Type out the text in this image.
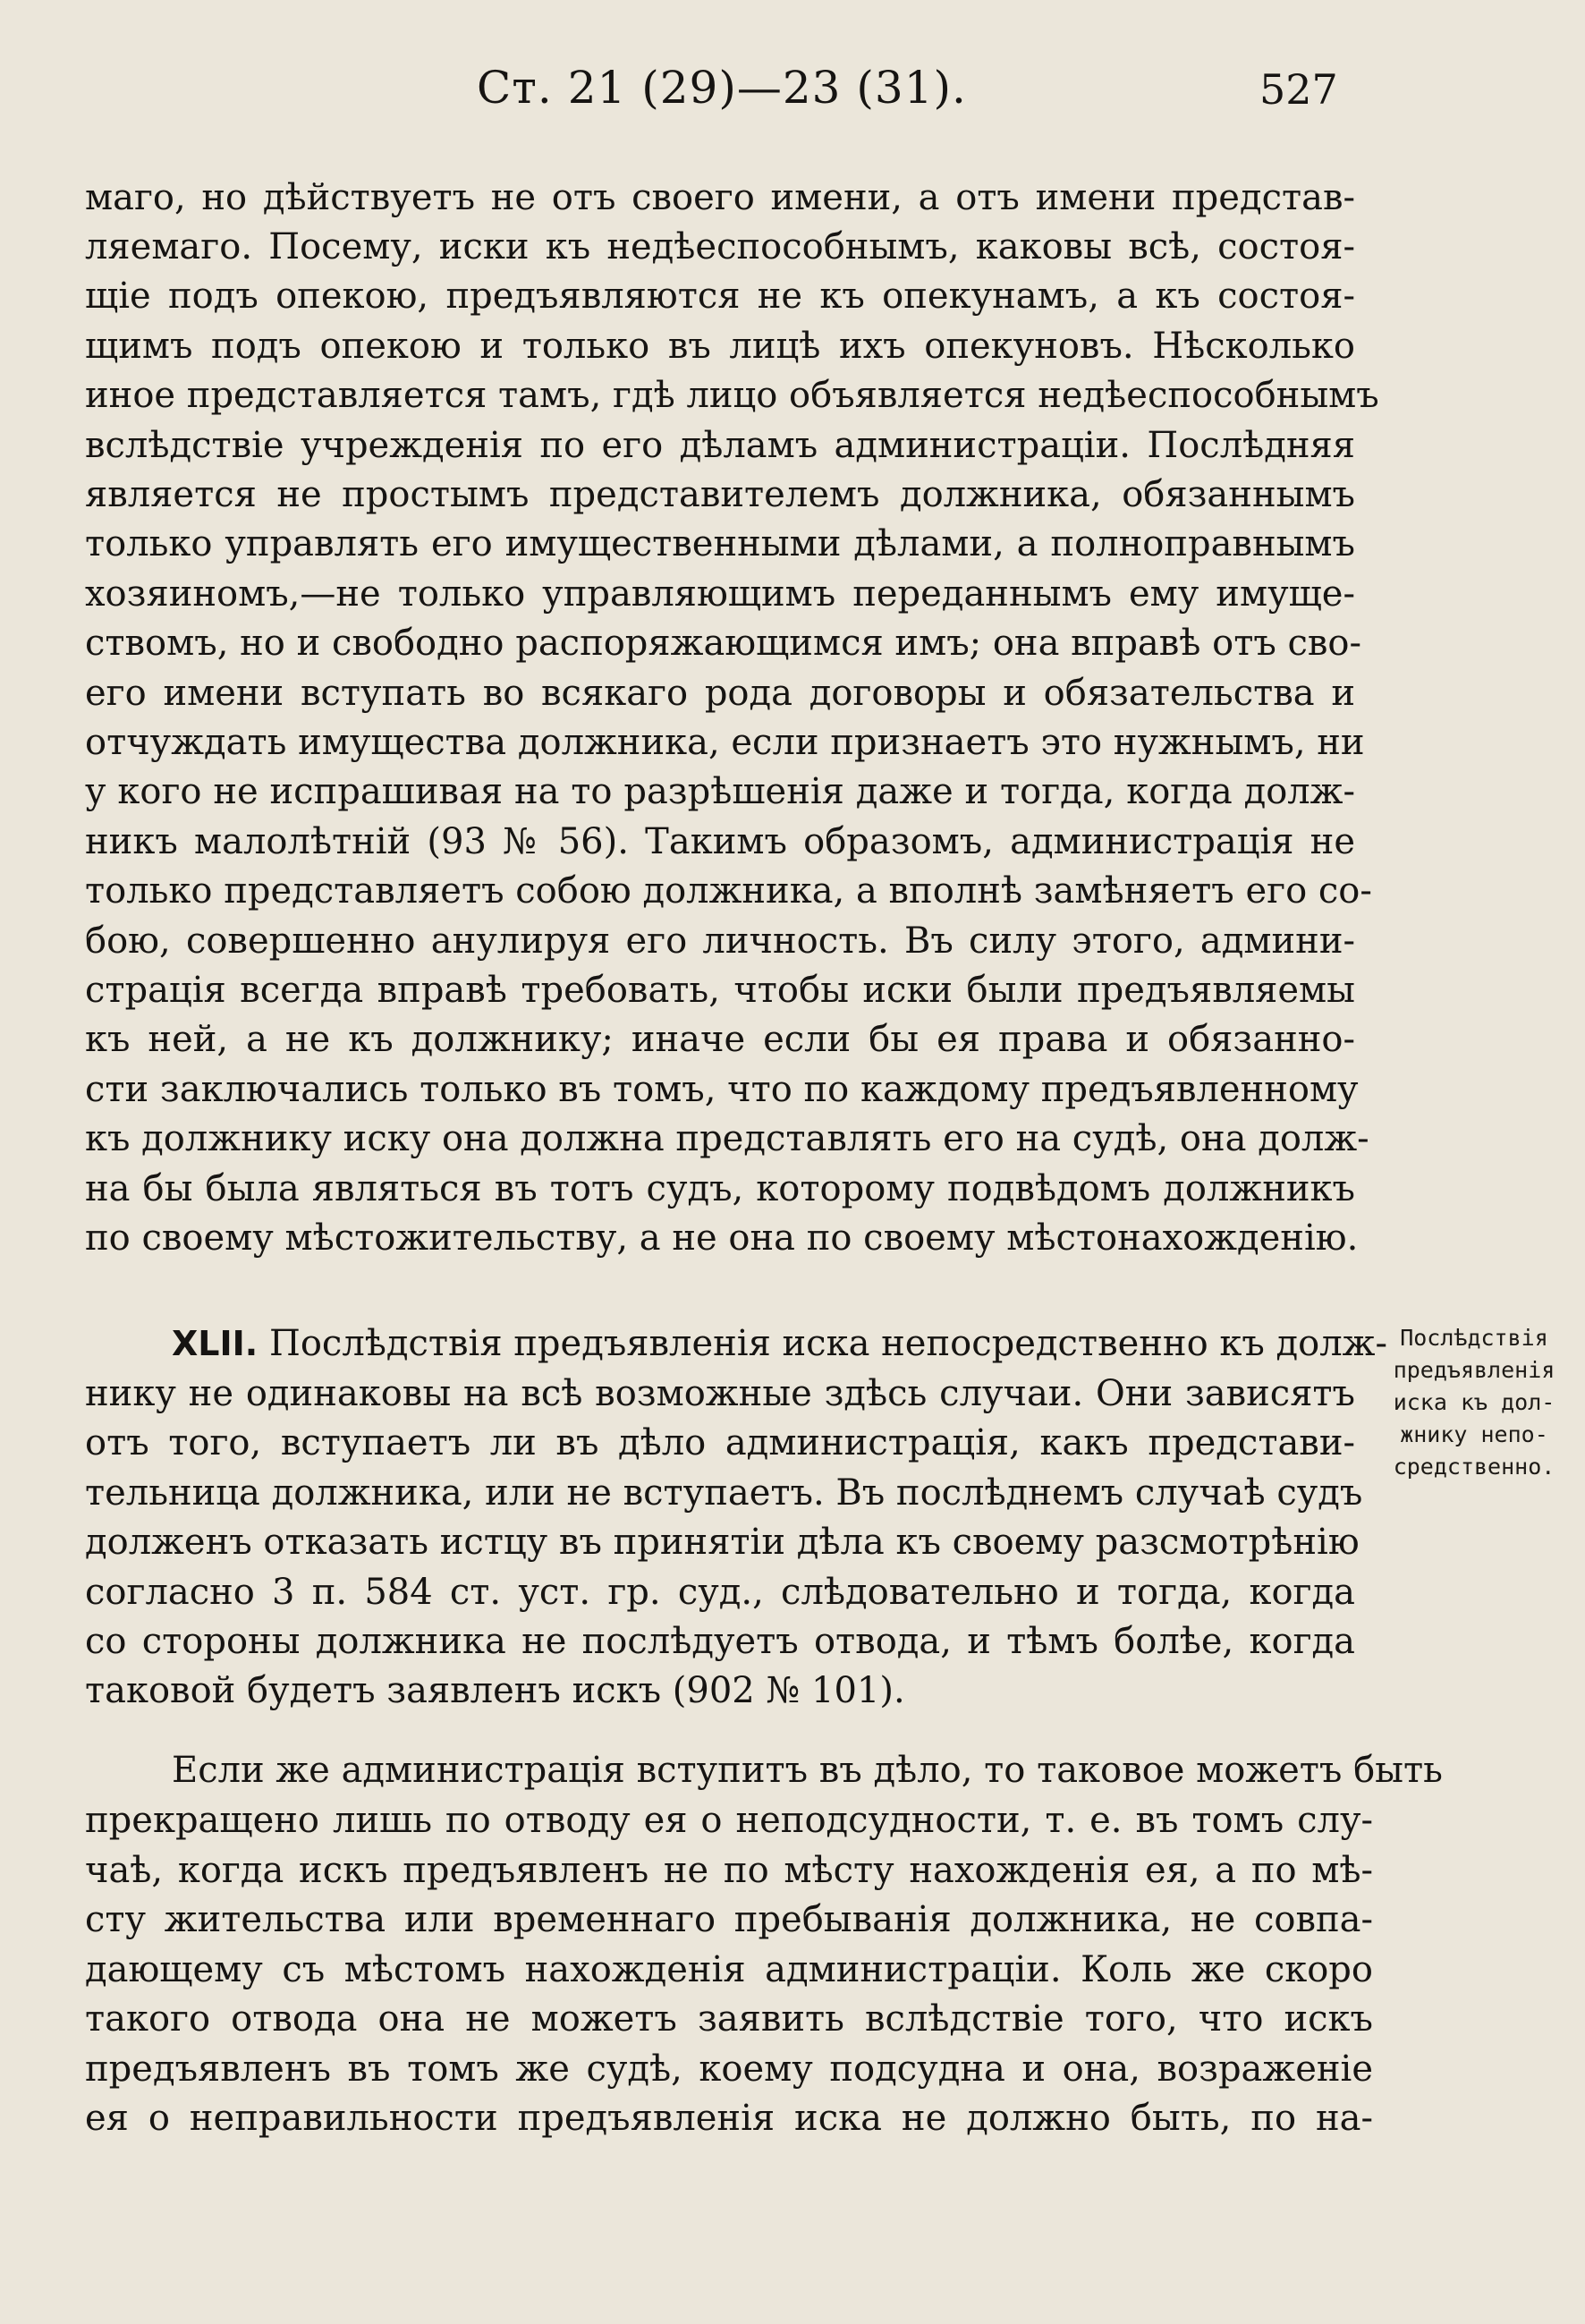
Ст. 21 (29)—23 (31).	527
маго, но дѣйствуетъ не отъ своего имени, а отъ имени представ-
ляемаго. Посему, иски къ недѣеспособнымъ, каковы всѣ, состоя-
щіе подъ опекою, предъявляются не къ опекунамъ, а къ состоя-
щимъ подъ опекою и только въ лицѣ ихъ опекуновъ. Нѣсколько
иное представляется тамъ, гдѣ лицо объявляется недѣеспособнымъ
вслѣдствіе учрежденія по его дѣламъ администраціи. Послѣдняя
является не простымъ представителемъ должника, обязаннымъ
только управлять его имущественными дѣлами, а полноправнымъ
хозяиномъ,—не только управляющимъ переданнымъ ему имуще-
ствомъ, но и свободно распоряжающимся имъ; она вправѣ отъ сво-
его имени вступать во всякаго рода договоры и обязательства и
отчуждать имущества должника, если признаетъ это нужнымъ, ни
у кого не испрашивая на то разрѣшенія даже и тогда, когда долж-
никъ малолѣтній (93 № 56). Такимъ образомъ, администрація не
только представляетъ собою должника, а вполнѣ замѣняетъ его со-
бою, совершенно анулируя его личность. Въ силу этого, админи-
страція всегда вправѣ требовать, чтобы иски были предъявляемы
къ ней, а не къ должнику; иначе если бы ея права и обязанно-
сти заключались только въ томъ, что по каждому предъявленному
къ должнику иску она должна представлять его на судѣ, она долж-
на бы была являться въ тотъ судъ, которому подвѣдомъ должникъ
по своему мѣстожительству, а не она по своему мѣстонахожденію.
XLII. Послѣдствія предъявленія иска непосредственно къ долж-
нику не одинаковы на всѣ возможные здѣсь случаи. Они зависятъ
отъ того, вступаетъ ли въ дѣло администрація, какъ представи-
тельница должника, или не вступаетъ. Въ послѣднемъ случаѣ судъ
долженъ отказать истцу въ принятіи дѣла къ своему разсмотрѣнію
согласно 3 п. 584 ст. уст. гр. суд., слѣдовательно и тогда, когда
со стороны должника не послѣдуетъ отвода, и тѣмъ болѣе, когда
таковой будетъ заявленъ искъ (902 № 101).
Послѣдствія
предъявленія
иска къ дол-
жнику непо-
средственно.
Если же администрація вступитъ въ дѣло, то таковое можетъ быть
прекращено лишь по отводу ея о неподсудности, т. е. въ томъ слу-
чаѣ, когда искъ предъявленъ не по мѣсту нахожденія ея, а по мѣ-
сту жительства или временнаго пребыванія должника, не совпа-
дающему съ мѣстомъ нахожденія администраціи. Коль же скоро
такого отвода она не можетъ заявить вслѣдствіе того, что искъ
предъявленъ въ томъ же судѣ, коему подсудна и она, возраженіе
ея о неправильности предъявленія иска не должно быть, по на-
